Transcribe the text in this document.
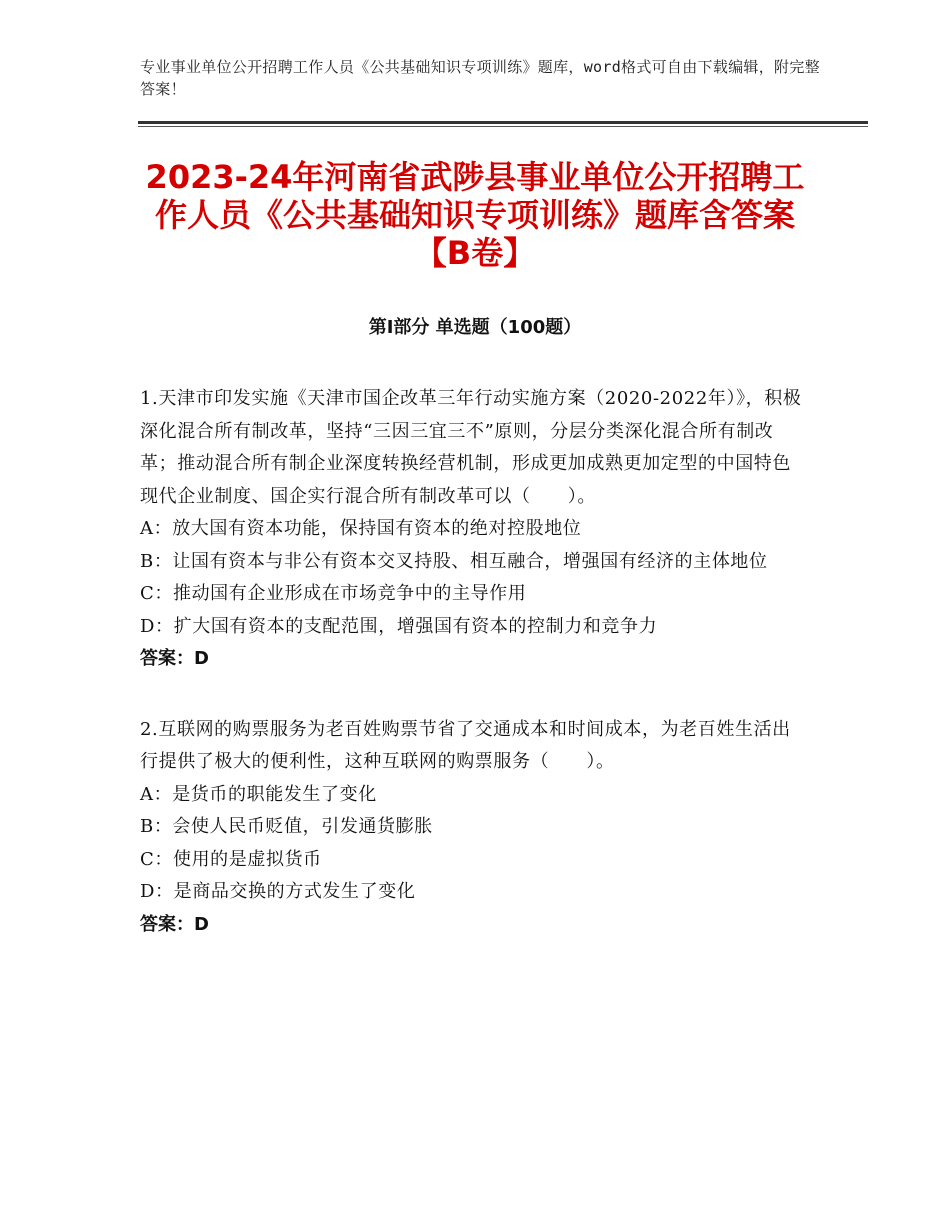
专业事业单位公开招聘工作人员《公共基础知识专项训练》题库，word格式可自由下载编辑，附完整答案！
2023-24年河南省武陟县事业单位公开招聘工作人员《公共基础知识专项训练》题库含答案【B卷】
第Ⅰ部分 单选题（100题）

1.天津市印发实施《天津市国企改革三年行动实施方案（2020-2022年）》，积极深化混合所有制改革，坚持“三因三宜三不”原则，分层分类深化混合所有制改革；推动混合所有制企业深度转换经营机制，形成更加成熟更加定型的中国特色现代企业制度、国企实行混合所有制改革可以（　　）。

A：放大国有资本功能，保持国有资本的绝对控股地位

B：让国有资本与非公有资本交叉持股、相互融合，增强国有经济的主体地位

C：推动国有企业形成在市场竞争中的主导作用

D：扩大国有资本的支配范围，增强国有资本的控制力和竞争力

答案：D

2.互联网的购票服务为老百姓购票节省了交通成本和时间成本，为老百姓生活出行提供了极大的便利性，这种互联网的购票服务（　　）。

A：是货币的职能发生了变化

B：会使人民币贬值，引发通货膨胀

C：使用的是虚拟货币

D：是商品交换的方式发生了变化

答案：D
